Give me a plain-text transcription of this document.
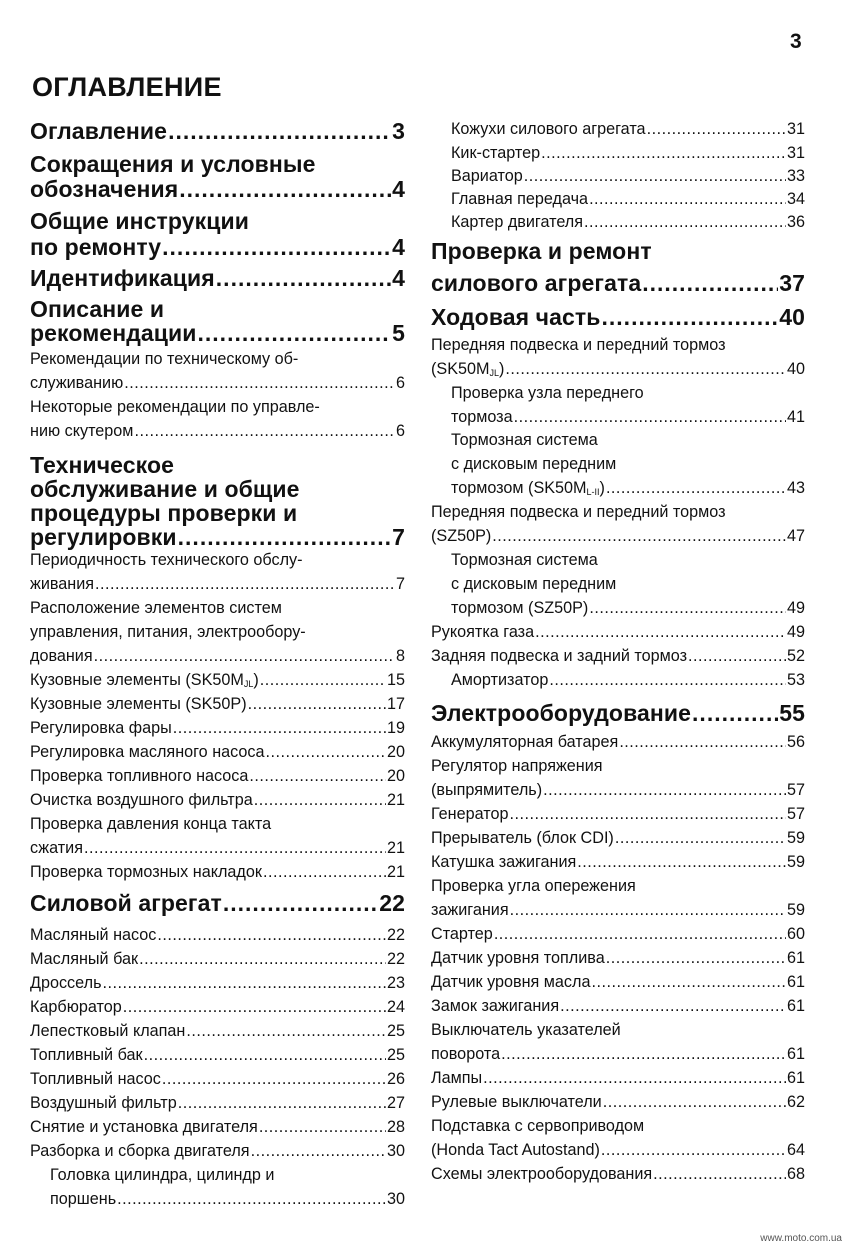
3
ОГЛАВЛЕНИЕ
Оглавление .....	3
Сокращения и условные
обозначения .....	4
Общие инструкции
по ремонту .....	4
Идентификация .....	4
Описание и
рекомендации .....	5
Рекомендации по техническому об-
служиванию .....	6
Некоторые рекомендации по управле-
нию скутером .....	6
Техническое
обслуживание и общие
процедуры проверки и
регулировки .....	7
Периодичность технического обслу-
живания .....	7
Расположение элементов систем
управления, питания, электрообору-
дования .....	8
Кузовные элементы $(SK50M_{JL})$ .....	15
Кузовные элементы (SK50P) .....	17
Регулировка фары .....	19
Регулировка масляного насоса .....	20
Проверка топливного насоса .....	20
Очистка воздушного фильтра .....	21
Проверка давления конца такта
сжатия .....	21
Проверка тормозных накладок .....	21
Силовой агрегат .....	22
Масляный насос .....	22
Масляный бак .....	22
Дроссель .....	23
Карбюратор .....	24
Лепестковый клапан .....	25
Топливный бак .....	25
Топливный насос .....	26
Воздушный фильтр .....	27
Снятие и установка двигателя .....	28
Разборка и сборка двигателя .....	30
Головка цилиндра, цилиндр и
поршень .....	30
Кожухи силового агрегата .....	31
Кик-стартер .....	31
Вариатор .....	33
Главная передача .....	34
Картер двигателя .....	36
Проверка и ремонт
силового агрегата .....	37
Ходовая часть .....	40
Передняя подвеска и передний тормоз
$(SK50M_{JL})$ .....	40
Проверка узла переднего
тормоза .....	41
Тормозная система
с дисковым передним
тормозом $(SK50M_{L-II})$ .....	43
Передняя подвеска и передний тормоз
(SZ50P) .....	47
Тормозная система
с дисковым передним
тормозом (SZ50P) .....	49
Рукоятка газа .....	49
Задняя подвеска и задний тормоз .....	52
Амортизатор .....	53
Электрооборудование .....	55
Аккумуляторная батарея .....	56
Регулятор напряжения
(выпрямитель) .....	57
Генератор .....	57
Прерыватель (блок CDI) .....	59
Катушка зажигания .....	59
Проверка угла опережения
зажигания .....	59
Стартер .....	60
Датчик уровня топлива .....	61
Датчик уровня масла .....	61
Замок зажигания .....	61
Выключатель указателей
поворота .....	61
Лампы .....	61
Рулевые выключатели .....	62
Подставка с сервоприводом
(Honda Tact Autostand) .....	64
Схемы электрооборудования .....	68
www.moto.com.ua
